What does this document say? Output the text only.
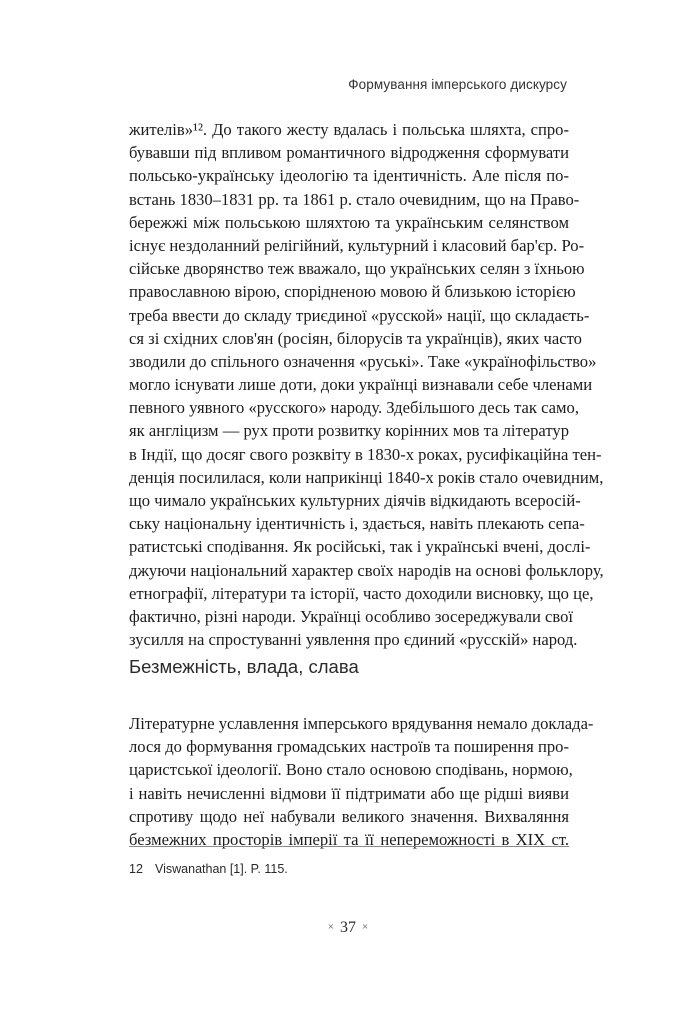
Формування імперського дискурсу
жителів»¹². До такого жесту вдалась і польська шляхта, спро-
бувавши під впливом романтичного відродження сформувати
польсько-українську ідеологію та ідентичність. Але після по-
встань 1830–1831 рр. та 1861 р. стало очевидним, що на Право-
бережжі між польською шляхтою та українським селянством
існує нездоланний релігійний, культурний і класовий бар'єр. Ро-
сійське дворянство теж вважало, що українських селян з їхньою
православною вірою, спорідненою мовою й близькою історією
треба ввести до складу триєдиної «русской» нації, що складаєть-
ся зі східних слов'ян (росіян, білорусів та українців), яких часто
зводили до спільного означення «руські». Таке «українофільство»
могло існувати лише доти, доки українці визнавали себе членами
певного уявного «русского» народу. Здебільшого десь так само,
як англіцизм — рух проти розвитку корінних мов та літератур
в Індії, що досяг свого розквіту в 1830-х роках, русифікаційна тен-
денція посилилася, коли наприкінці 1840-х років стало очевидним,
що чимало українських культурних діячів відкидають всеросій-
ську національну ідентичність і, здається, навіть плекають сепа-
ратистські сподівання. Як російські, так і українські вчені, дослі-
джуючи національний характер своїх народів на основі фольклору,
етнографії, літератури та історії, часто доходили висновку, що це,
фактично, різні народи. Українці особливо зосереджували свої
зусилля на спростуванні уявлення про єдиний «русскій» народ.
Безмежність, влада, слава
Літературне уславлення імперського врядування немало доклада-
лося до формування громадських настроїв та поширення про-
царистської ідеології. Воно стало основою сподівань, нормою,
і навіть нечисленні відмови її підтримати або ще рідші вияви
спротиву щодо неї набували великого значення. Вихваляння
безмежних просторів імперії та її непереможності в XIX ст.
12 Viswanathan [1]. P. 115.
× 37 ×
